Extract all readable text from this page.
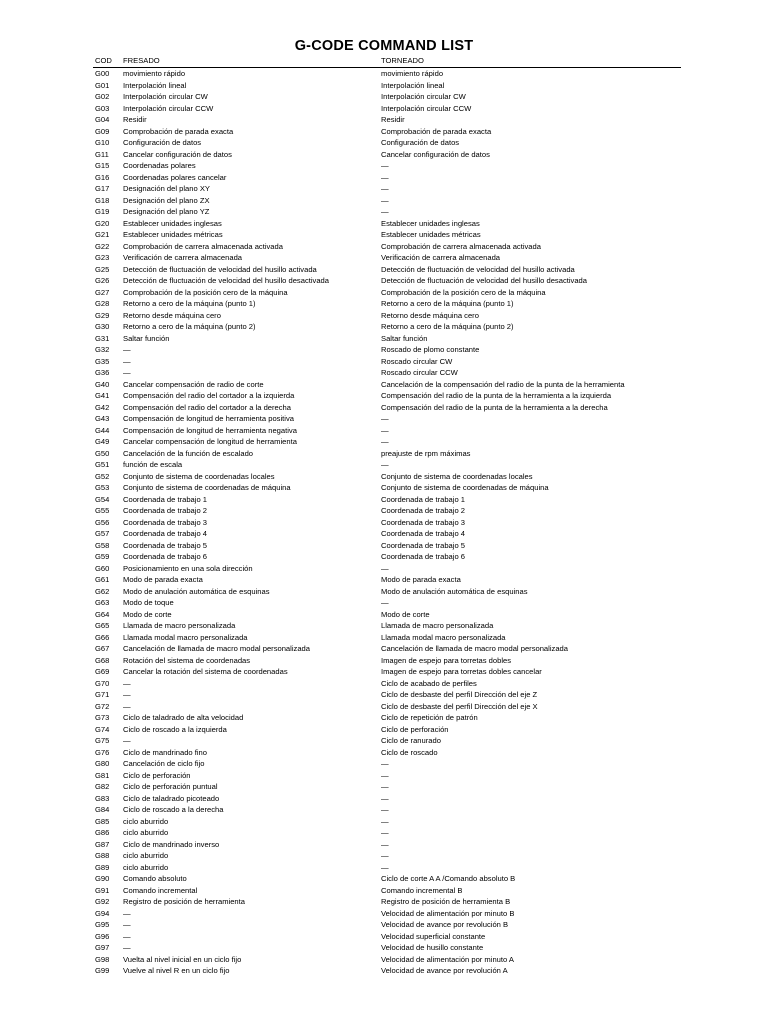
G-CODE COMMAND LIST
COD FRESADO	TORNEADO
G00 movimiento rápido	movimiento rápido
G01 Interpolación lineal	Interpolación lineal
G02 Interpolación circular CW	Interpolación circular CW
G03 Interpolación circular CCW	Interpolación circular CCW
G04 Residir	Residir
G09 Comprobación de parada exacta	Comprobación de parada exacta
G10 Configuración de datos	Configuración de datos
G11 Cancelar configuración de datos	Cancelar configuración de datos
G15 Coordenadas polares	—
G16 Coordenadas polares cancelar	—
G17 Designación del plano XY	—
G18 Designación del plano ZX	—
G19 Designación del plano YZ	—
G20 Establecer unidades inglesas	Establecer unidades inglesas
G21 Establecer unidades métricas	Establecer unidades métricas
G22 Comprobación de carrera almacenada activada	Comprobación de carrera almacenada activada
G23 Verificación de carrera almacenada	Verificación de carrera almacenada
G25 Detección de fluctuación de velocidad del husillo activada	Detección de fluctuación de velocidad del husillo activada
G26 Detección de fluctuación de velocidad del husillo desactivada	Detección de fluctuación de velocidad del husillo desactivada
G27 Comprobación de la posición cero de la máquina	Comprobación de la posición cero de la máquina
G28 Retorno a cero de la máquina (punto 1)	Retorno a cero de la máquina (punto 1)
G29 Retorno desde máquina cero	Retorno desde máquina cero
G30 Retorno a cero de la máquina (punto 2)	Retorno a cero de la máquina (punto 2)
G31 Saltar función	Saltar función
G32 —	Roscado de plomo constante
G35 —	Roscado circular CW
G36 —	Roscado circular CCW
G40 Cancelar compensación de radio de corte	Cancelación de la compensación del radio de la punta de la herramienta
G41 Compensación del radio del cortador a la izquierda	Compensación del radio de la punta de la herramienta a la izquierda
G42 Compensación del radio del cortador a la derecha	Compensación del radio de la punta de la herramienta a la derecha
G43 Compensación de longitud de herramienta positiva	—
G44 Compensación de longitud de herramienta negativa	—
G49 Cancelar compensación de longitud de herramienta	—
G50 Cancelación de la función de escalado	preajuste de rpm máximas
G51 función de escala	—
G52 Conjunto de sistema de coordenadas locales	Conjunto de sistema de coordenadas locales
G53 Conjunto de sistema de coordenadas de máquina	Conjunto de sistema de coordenadas de máquina
G54 Coordenada de trabajo 1	Coordenada de trabajo 1
G55 Coordenada de trabajo 2	Coordenada de trabajo 2
G56 Coordenada de trabajo 3	Coordenada de trabajo 3
G57 Coordenada de trabajo 4	Coordenada de trabajo 4
G58 Coordenada de trabajo 5	Coordenada de trabajo 5
G59 Coordenada de trabajo 6	Coordenada de trabajo 6
G60 Posicionamiento en una sola dirección	—
G61 Modo de parada exacta	Modo de parada exacta
G62 Modo de anulación automática de esquinas	Modo de anulación automática de esquinas
G63 Modo de toque	—
G64 Modo de corte	Modo de corte
G65 Llamada de macro personalizada	Llamada de macro personalizada
G66 Llamada modal macro personalizada	Llamada modal macro personalizada
G67 Cancelación de llamada de macro modal personalizada	Cancelación de llamada de macro modal personalizada
G68 Rotación del sistema de coordenadas	Imagen de espejo para torretas dobles
G69 Cancelar la rotación del sistema de coordenadas	Imagen de espejo para torretas dobles cancelar
G70 —	Ciclo de acabado de perfiles
G71 —	Ciclo de desbaste del perfil Dirección del eje Z
G72 —	Ciclo de desbaste del perfil Dirección del eje X
G73 Ciclo de taladrado de alta velocidad	Ciclo de repetición de patrón
G74 Ciclo de roscado a la izquierda	Ciclo de perforación
G75 —	Ciclo de ranurado
G76 Ciclo de mandrinado fino	Ciclo de roscado
G80 Cancelación de ciclo fijo	—
G81 Ciclo de perforación	—
G82 Ciclo de perforación puntual	—
G83 Ciclo de taladrado picoteado	—
G84 Ciclo de roscado a la derecha	—
G85 ciclo aburrido	—
G86 ciclo aburrido	—
G87 Ciclo de mandrinado inverso	—
G88 ciclo aburrido	—
G89 ciclo aburrido	—
G90 Comando absoluto	Ciclo de corte A A /Comando absoluto B
G91 Comando incremental	Comando incremental B
G92 Registro de posición de herramienta	Registro de posición de herramienta B
G94 —	Velocidad de alimentación por minuto B
G95 —	Velocidad de avance por revolución B
G96 —	Velocidad superficial constante
G97 —	Velocidad de husillo constante
G98 Vuelta al nivel inicial en un ciclo fijo	Velocidad de alimentación por minuto A
G99 Vuelve al nivel R en un ciclo fijo	Velocidad de avance por revolución A
